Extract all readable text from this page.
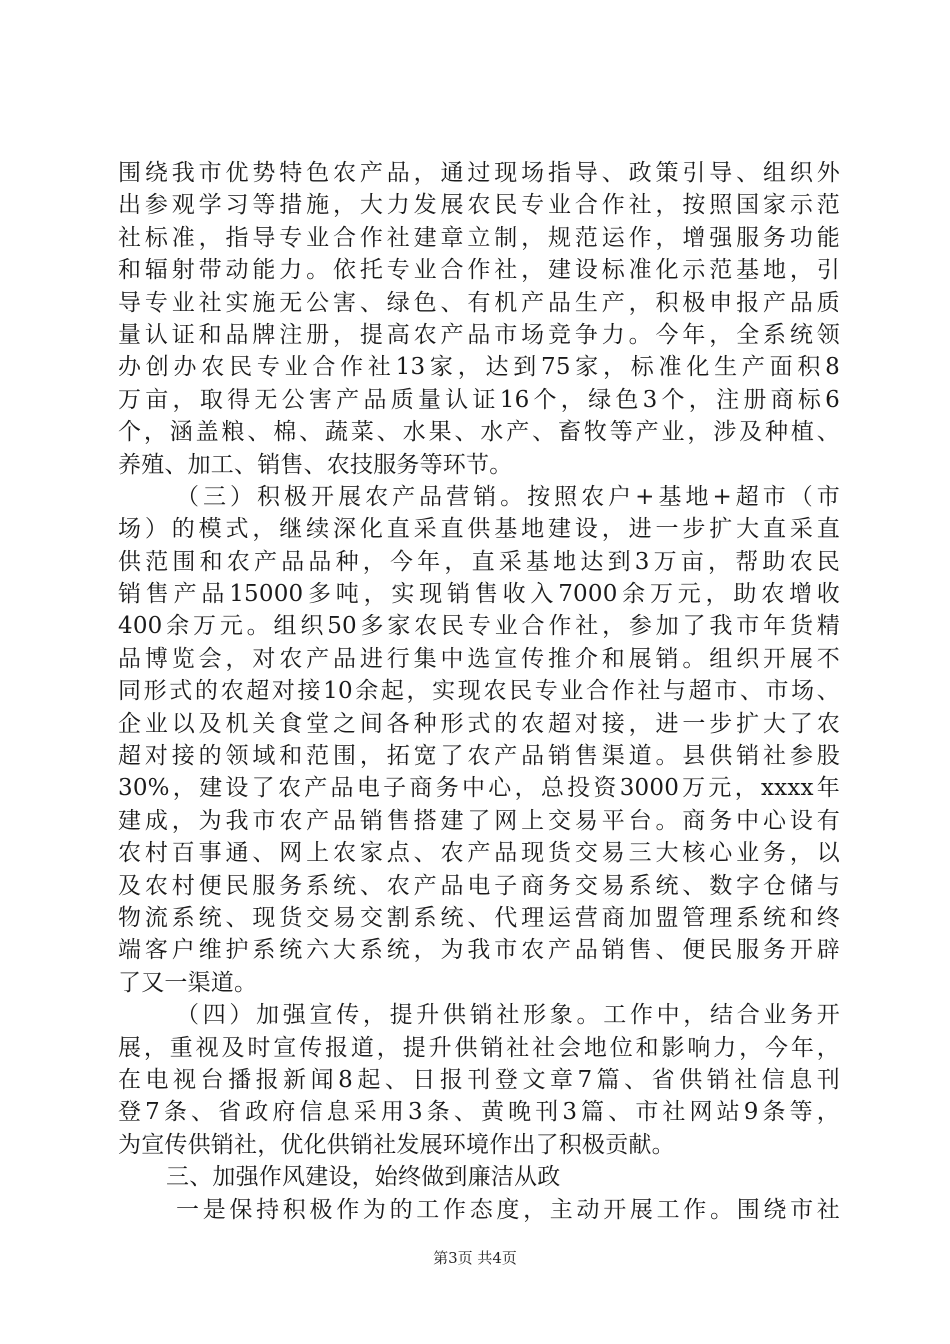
围绕我市优势特色农产品，通过现场指导、政策引导、组织外
出参观学习等措施，大力发展农民专业合作社，按照国家示范
社标准，指导专业合作社建章立制，规范运作，增强服务功能
和辐射带动能力。依托专业合作社，建设标准化示范基地，引
导专业社实施无公害、绿色、有机产品生产，积极申报产品质
量认证和品牌注册，提高农产品市场竞争力。今年，全系统领
办创办农民专业合作社13家，达到75家，标准化生产面积8
万亩，取得无公害产品质量认证16个，绿色3个，注册商标6
个，涵盖粮、棉、蔬菜、水果、水产、畜牧等产业，涉及种植、
养殖、加工、销售、农技服务等环节。
（三）积极开展农产品营销。按照农户+基地+超市（市
场）的模式，继续深化直采直供基地建设，进一步扩大直采直
供范围和农产品品种，今年，直采基地达到3万亩，帮助农民
销售产品15000多吨，实现销售收入7000余万元，助农增收
400余万元。组织50多家农民专业合作社，参加了我市年货精
品博览会，对农产品进行集中选宣传推介和展销。组织开展不
同形式的农超对接10余起，实现农民专业合作社与超市、市场、
企业以及机关食堂之间各种形式的农超对接，进一步扩大了农
超对接的领域和范围，拓宽了农产品销售渠道。县供销社参股
30%，建设了农产品电子商务中心，总投资3000万元，xxxx年
建成，为我市农产品销售搭建了网上交易平台。商务中心设有
农村百事通、网上农家点、农产品现货交易三大核心业务，以
及农村便民服务系统、农产品电子商务交易系统、数字仓储与
物流系统、现货交易交割系统、代理运营商加盟管理系统和终
端客户维护系统六大系统，为我市农产品销售、便民服务开辟
了又一渠道。
（四）加强宣传，提升供销社形象。工作中，结合业务开
展，重视及时宣传报道，提升供销社社会地位和影响力，今年，
在电视台播报新闻8起、日报刊登文章7篇、省供销社信息刊
登7条、省政府信息采用3条、黄晚刊3篇、市社网站9条等，
为宣传供销社，优化供销社发展环境作出了积极贡献。
三、加强作风建设，始终做到廉洁从政
一是保持积极作为的工作态度，主动开展工作。围绕市社
第3页 共4页
